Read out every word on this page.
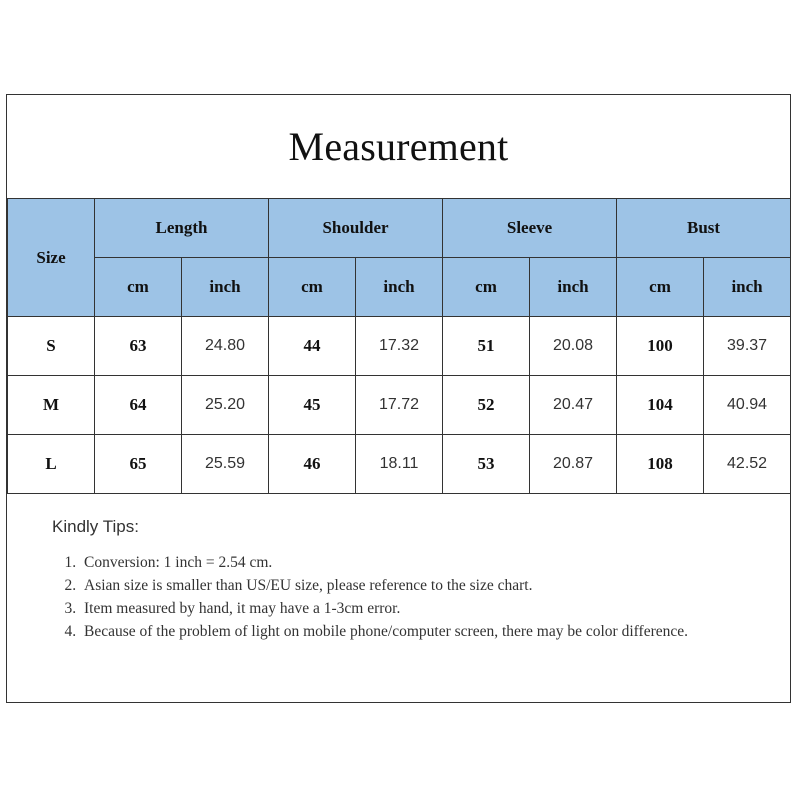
Measurement
Size	Length		Shoulder		Sleeve		Bust	
	cm	inch	cm	inch	cm	inch	cm	inch
S	63	24.80	44	17.32	51	20.08	100	39.37
M	64	25.20	45	17.72	52	20.47	104	40.94
L	65	25.59	46	18.11	53	20.87	108	42.52
Kindly Tips:
1. Conversion: 1 inch = 2.54 cm.
2. Asian size is smaller than US/EU size, please reference to the size chart.
3. Item measured by hand, it may have a 1-3cm error.
4. Because of the problem of light on mobile phone/computer screen, there may be color difference.
